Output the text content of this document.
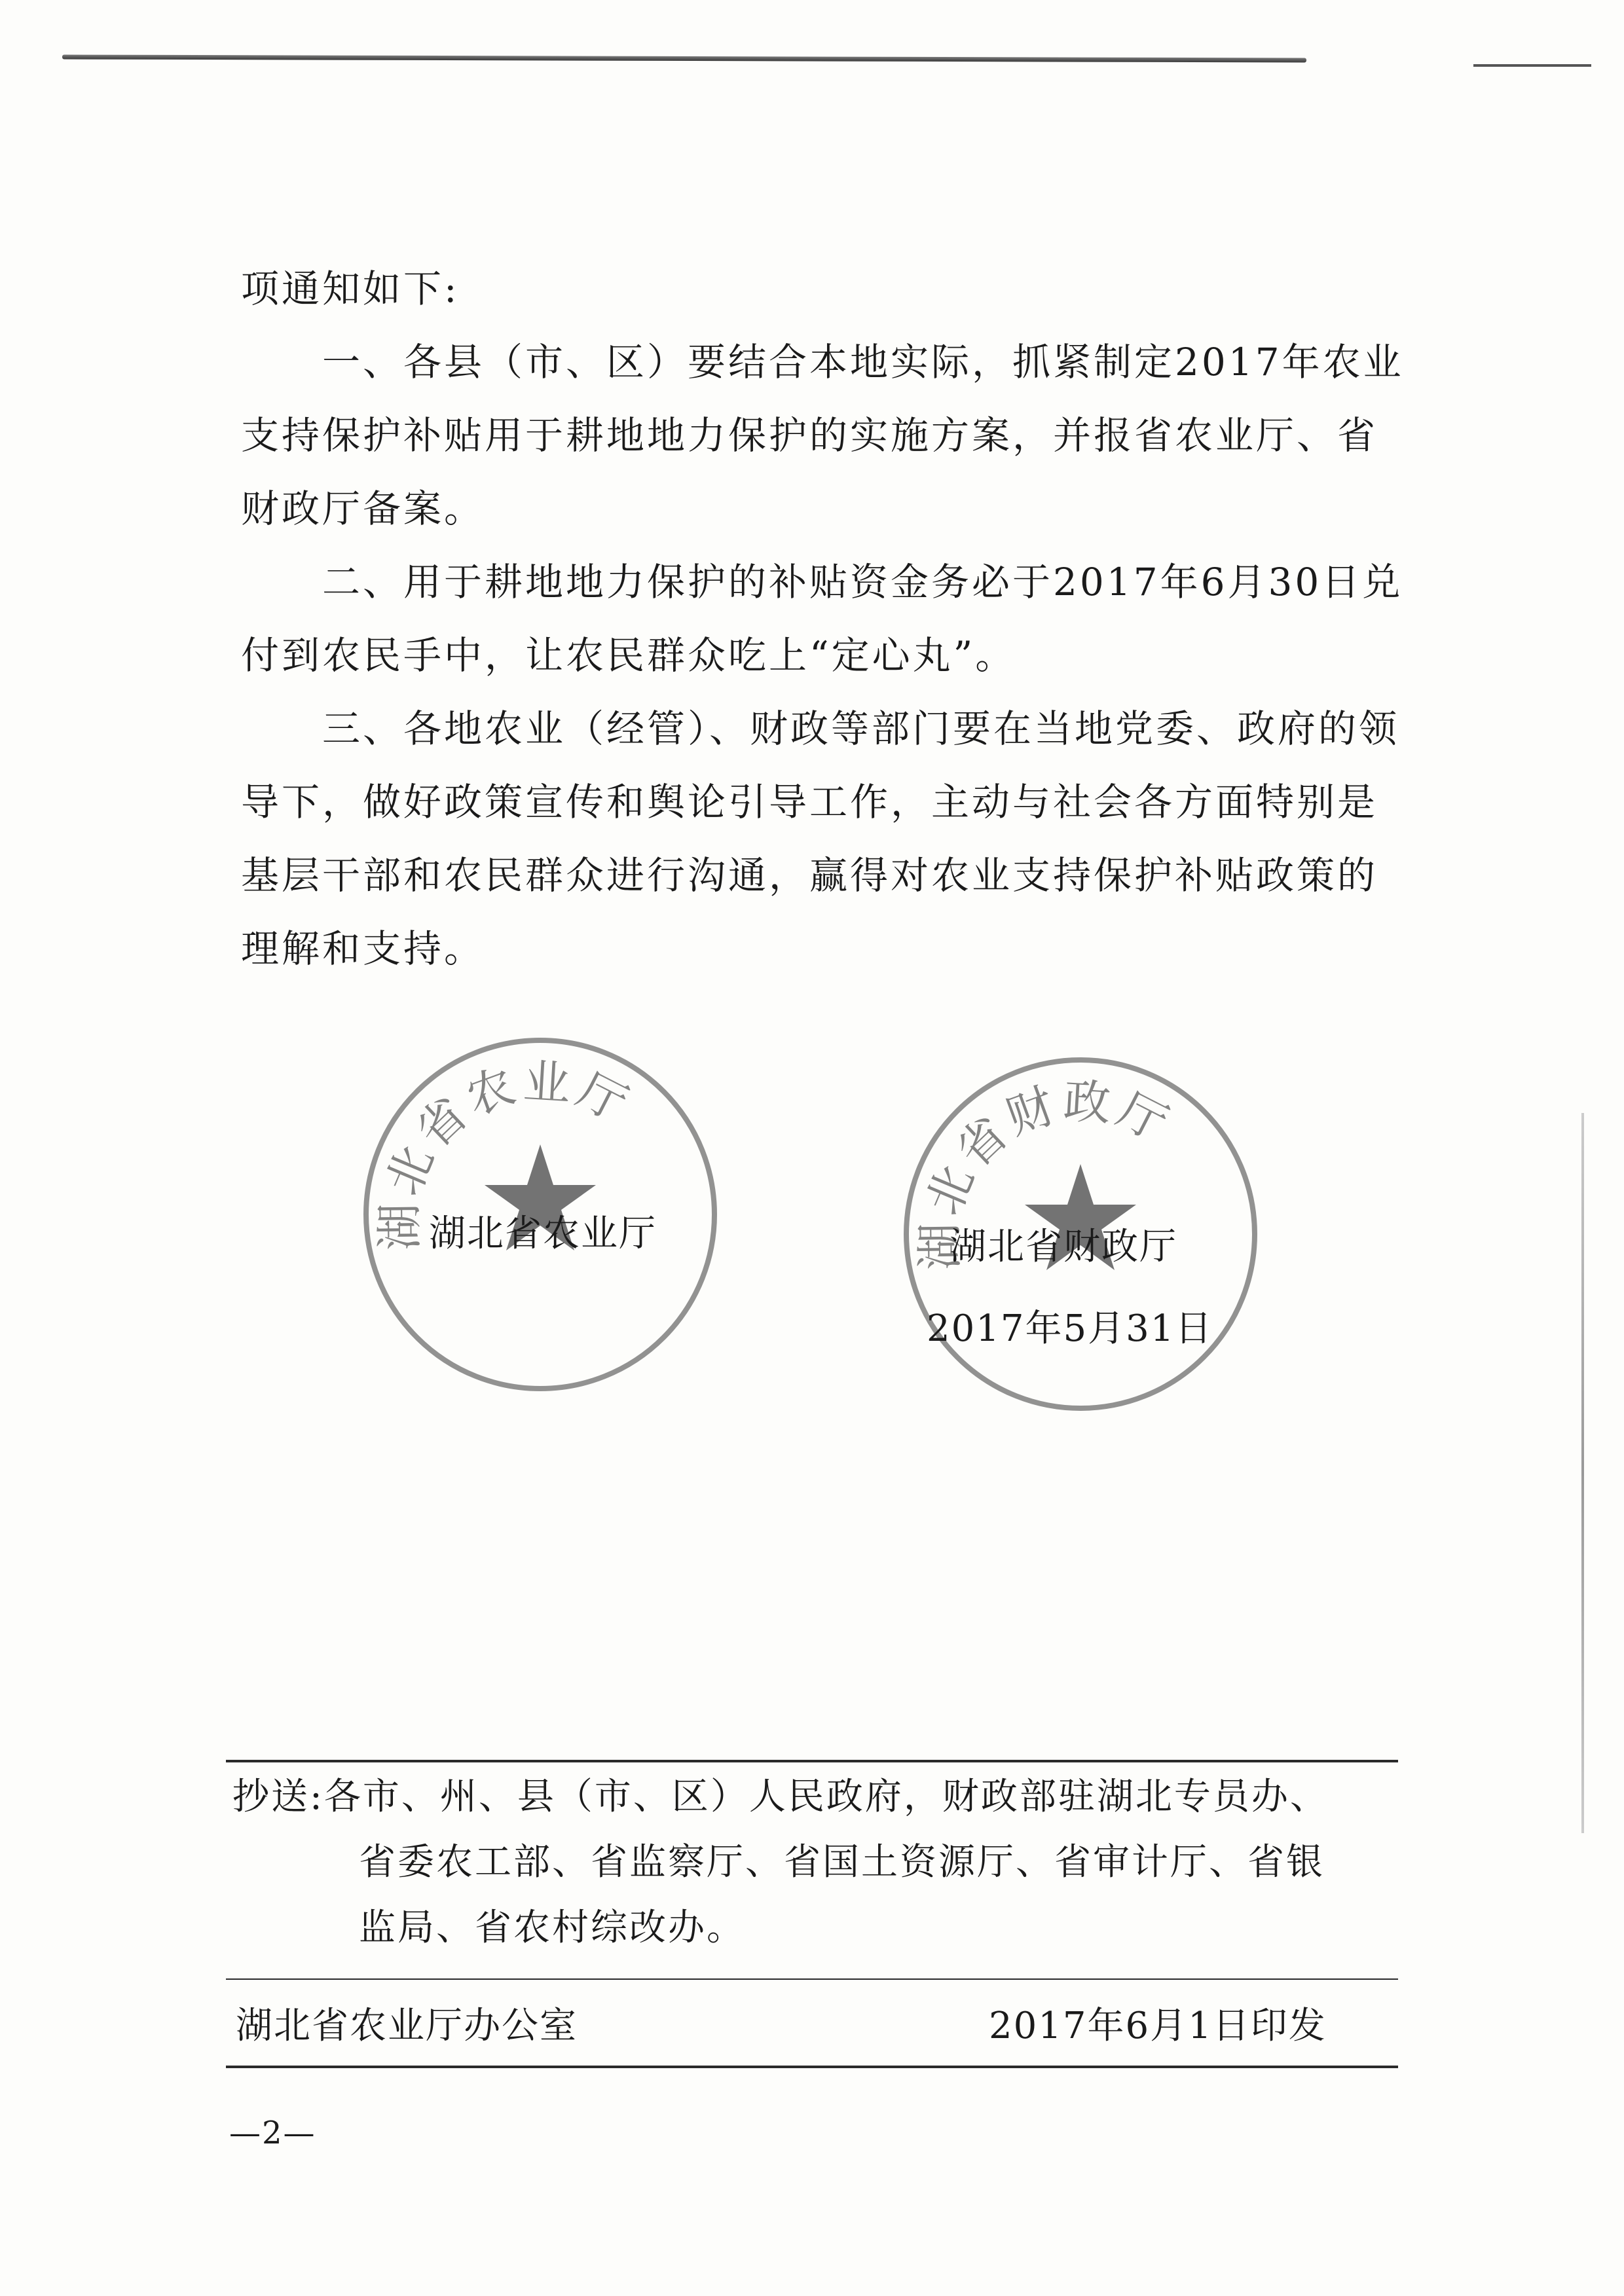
项通知如下:

一、各县（市、区）要结合本地实际，抓紧制定2017年农业支持保护补贴用于耕地地力保护的实施方案，并报省农业厅、省财政厅备案。

二、用于耕地地力保护的补贴资金务必于2017年6月30日兑付到农民手中，让农民群众吃上“定心丸”。

三、各地农业（经管）、财政等部门要在当地党委、政府的领导下，做好政策宣传和舆论引导工作，主动与社会各方面特别是基层干部和农民群众进行沟通，赢得对农业支持保护补贴政策的理解和支持。

湖北省农业厅
湖北省财政厅
湖北省农业厅	湖北省财政厅
2017年5月31日

抄送:各市、州、县（市、区）人民政府，财政部驻湖北专员办、

省委农工部、省监察厅、省国土资源厅、省审计厅、省银

监局、省农村综改办。

湖北省农业厅办公室	2017年6月1日印发
—2—
